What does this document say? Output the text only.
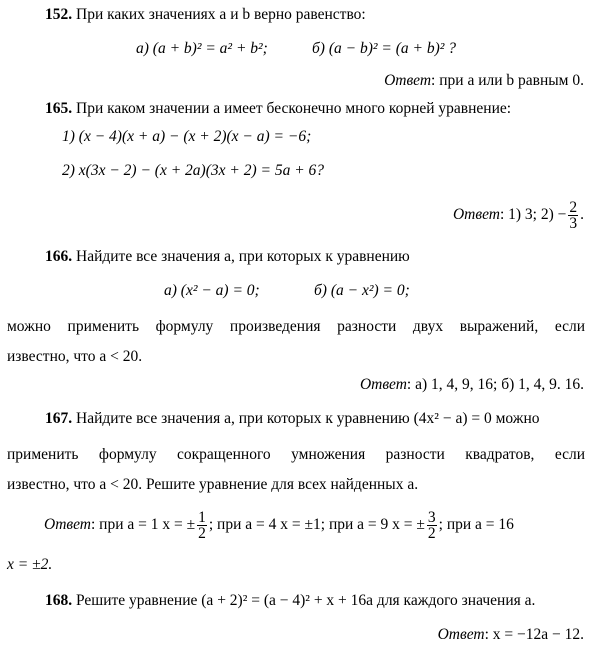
152. При каких значениях a и b верно равенство:
а) (a + b)² = a² + b²;	б) (a − b)² = (a + b)² ?
Ответ: при a или b равным 0.
165. При каком значении a имеет бесконечно много корней уравнение:
1) (x − 4)(x + a) − (x + 2)(x − a) = −6;
2) x(3x − 2) − (x + 2a)(3x + 2) = 5a + 6?
Ответ: 1) 3; $2) - \frac{2}{3}$ .
166. Найдите все значения a, при которых к уравнению
а) (x² − a) = 0;	б) (a − x²) = 0;
можно применить формулу произведения разности двух выражений, если
известно, что a < 20.
Ответ: а) 1, 4, 9, 16; б) 1, 4, 9. 16.
167. Найдите все значения a, при которых к уравнению (4x² − a) = 0 можно
применить формулу сокращенного умножения разности квадратов, если
известно, что a < 20. Решите уравнение для всех найденных a.
Ответ: при a = 1 x = ± $\frac{1}{2}$ ; при a = 4 x = ±1; при a = 9 x = ± $\frac{3}{2}$ ; при a = 16
x = ±2.
168. Решите уравнение (a + 2)² = (a − 4)² + x + 16a для каждого значения a.
Ответ: x = −12a − 12.
